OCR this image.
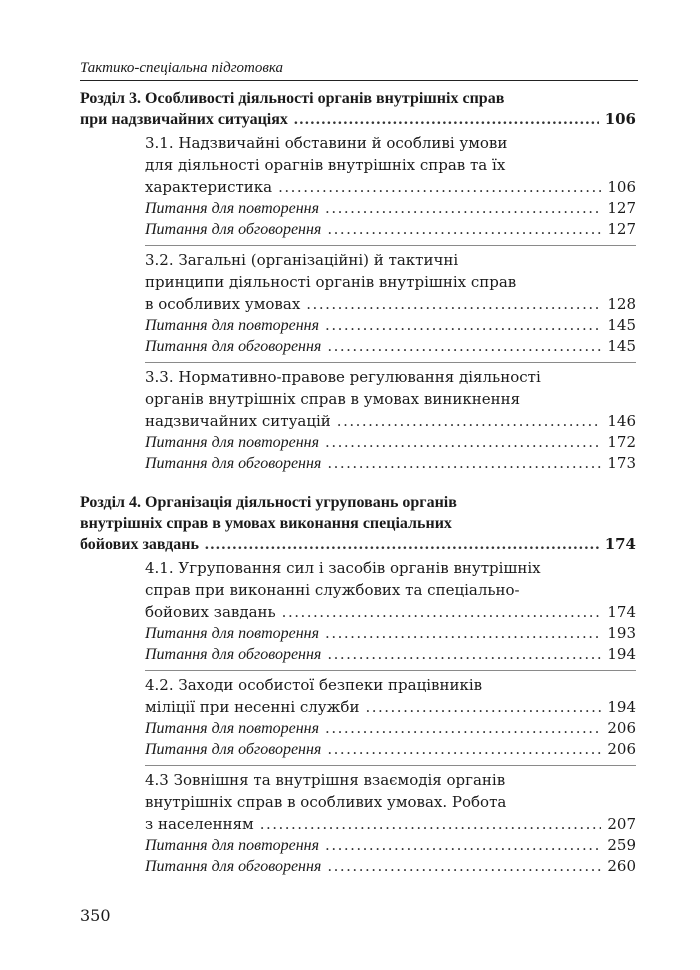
Тактико-спеціальна підготовка
Розділ 3. Особливості діяльності органів внутрішніх справ
при надзвичайних ситуаціях .....	106
3.1. Надзвичайні обставини й особливі умови
для діяльності орагнів внутрішніх справ та їх
характеристика .....	106
Питання для повторення .....	127
Питання для обговорення .....	127
3.2. Загальні (організаційні) й тактичні
принципи діяльності органів внутрішніх справ
в особливих умовах .....	128
Питання для повторення .....	145
Питання для обговорення .....	145
3.3. Нормативно-правове регулювання діяльності
органів внутрішніх справ в умовах виникнення
надзвичайних ситуацій .....	146
Питання для повторення .....	172
Питання для обговорення .....	173
Розділ 4. Організація діяльності угруповань органів
внутрішніх справ в умовах виконання спеціальних
бойових завдань .....	174
4.1. Угруповання сил і засобів органів внутрішніх
справ при виконанні службових та спеціально-
бойових завдань .....	174
Питання для повторення .....	193
Питання для обговорення .....	194
4.2. Заходи особистої безпеки працівників
міліції при несенні служби .....	194
Питання для повторення .....	206
Питання для обговорення .....	206
4.3 Зовнішня та внутрішня взаємодія органів
внутрішніх справ в особливих умовах. Робота
з населенням .....	207
Питання для повторення .....	259
Питання для обговорення .....	260
350
